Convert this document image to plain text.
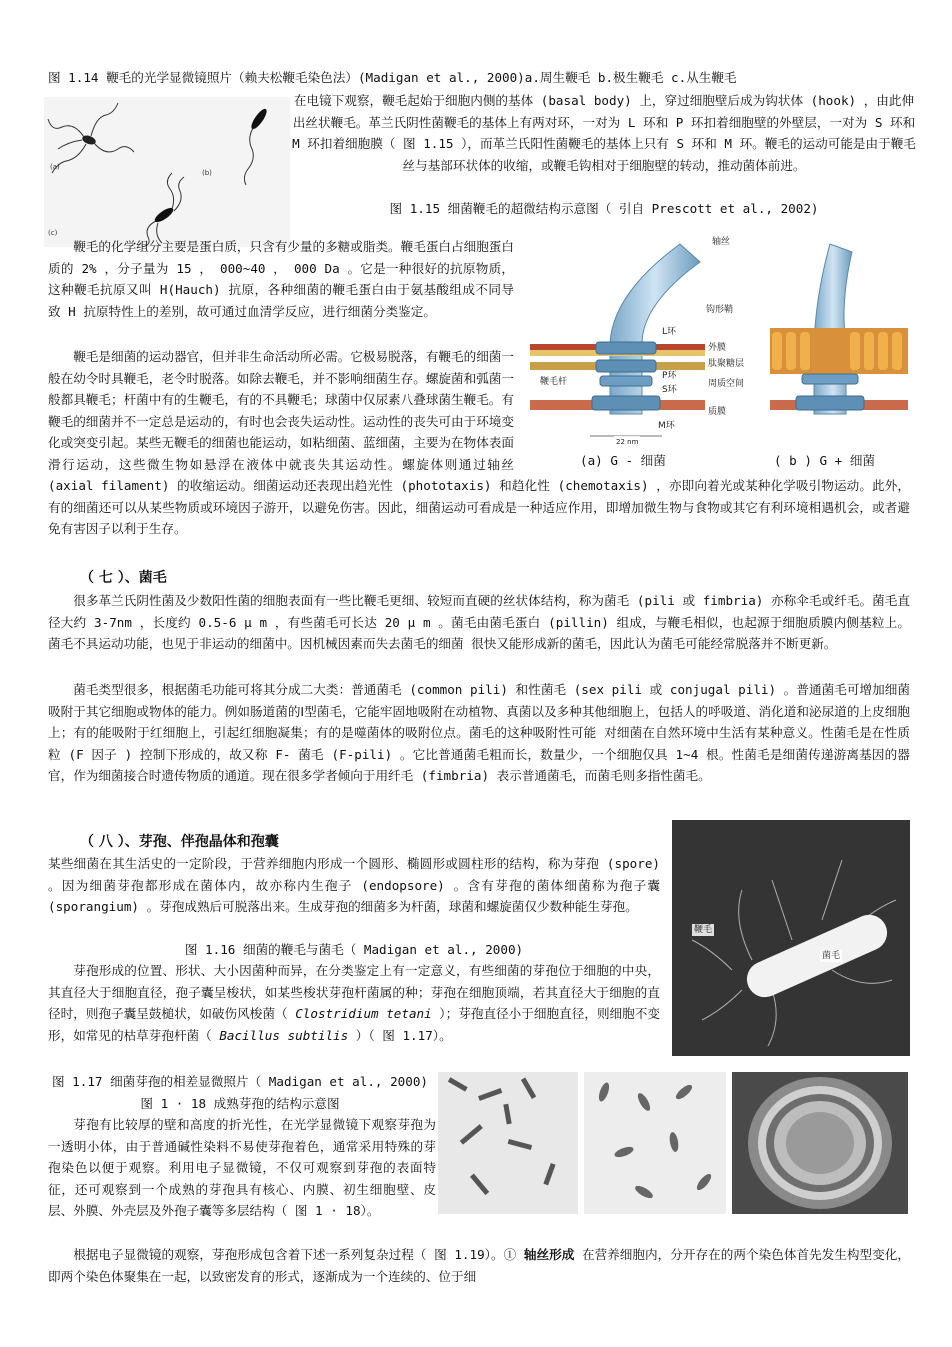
图 1.14 鞭毛的光学显微镜照片（赖夫松鞭毛染色法）(Madigan et al., 2000)a.周生鞭毛 b.极生鞭毛 c.从生鞭毛

(a)
(b)
(c)

在电镜下观察，鞭毛起始于细胞内侧的基体 (basal body) 上，穿过细胞壁后成为钩状体 (hook) ，由此伸出丝状鞭毛。革兰氏阴性菌鞭毛的基体上有两对环，一对为 L 环和 P 环扣着细胞壁的外壁层，一对为 S 环和 M 环扣着细胞膜（ 图 1.15 ），而革兰氏阳性菌鞭毛的基体上只有 S 环和 M 环。鞭毛的运动可能是由于鞭毛丝与基部环状体的收缩，或鞭毛钩相对于细胞壁的转动，推动菌体前进。

图 1.15 细菌鞭毛的超微结构示意图（ 引自 Prescott et al., 2002)

轴丝
钩形鞘
L环
外膜
肽聚糖层
鞭毛杆
P环
周质空间
S环
质膜
M环
22 nm
(a) G - 细菌	( b ) G + 细菌

鞭毛的化学组分主要是蛋白质，只含有少量的多糖或脂类。鞭毛蛋白占细胞蛋白质的 2% ，分子量为 15 ， 000~40 ， 000 Da 。它是一种很好的抗原物质，这种鞭毛抗原又叫 H(Hauch) 抗原，各种细菌的鞭毛蛋白由于氨基酸组成不同导致 H 抗原特性上的差别，故可通过血清学反应，进行细菌分类鉴定。

鞭毛是细菌的运动器官，但并非生命活动所必需。它极易脱落，有鞭毛的细菌一般在幼令时具鞭毛，老令时脱落。如除去鞭毛，并不影响细菌生存。螺旋菌和弧菌一般都具鞭毛；杆菌中有的生鞭毛，有的不具鞭毛；球菌中仅尿素八叠球菌生鞭毛。有鞭毛的细菌并不一定总是运动的，有时也会丧失运动性。运动性的丧失可由于环境变化或突变引起。某些无鞭毛的细菌也能运动，如粘细菌、蓝细菌，主要为在物体表面滑行运动，这些微生物如悬浮在液体中就丧失其运动性。螺旋体则通过轴丝 (axial filament) 的收缩运动。细菌运动还表现出趋光性 (phototaxis) 和趋化性 (chemotaxis) ，亦即向着光或某种化学吸引物运动。此外，有的细菌还可以从某些物质或环境因子游开，以避免伤害。因此，细菌运动可看成是一种适应作用，即增加微生物与食物或其它有利环境相遇机会，或者避免有害因子以利于生存。

（ 七 ）、菌毛

很多革兰氏阴性菌及少数阳性菌的细胞表面有一些比鞭毛更细、较短而直硬的丝状体结构，称为菌毛 (pili 或 fimbria) 亦称伞毛或纤毛。菌毛直径大约 3-7nm ，长度约 0.5-6 μ m ，有些菌毛可长达 20 μ m 。菌毛由菌毛蛋白 (pillin) 组成，与鞭毛相似，也起源于细胞质膜内侧基粒上。菌毛不具运动功能，也见于非运动的细菌中。因机械因素而失去菌毛的细菌 很快又能形成新的菌毛，因此认为菌毛可能经常脱落并不断更新。

菌毛类型很多，根据菌毛功能可将其分成二大类：普通菌毛 (common pili) 和性菌毛 (sex pili 或 conjugal pili) 。普通菌毛可增加细菌吸附于其它细胞或物体的能力。例如肠道菌的Ⅰ型菌毛，它能牢固地吸附在动植物、真菌以及多种其他细胞上，包括人的呼吸道、消化道和泌尿道的上皮细胞上；有的能吸附于红细胞上，引起红细胞凝集；有的是噬菌体的吸附位点。菌毛的这种吸附性可能 对细菌在自然环境中生活有某种意义。性菌毛是在性质粒 (F 因子 ) 控制下形成的，故又称 F- 菌毛 (F-pili) 。它比普通菌毛粗而长，数量少，一个细胞仅具 1~4 根。性菌毛是细菌传递游离基因的器官，作为细菌接合时遗传物质的通道。现在很多学者倾向于用纤毛 (fimbria) 表示普通菌毛，而菌毛则多指性菌毛。

（ 八 ）、芽孢、伴孢晶体和孢囊

鞭毛
菌毛

某些细菌在其生活史的一定阶段，于营养细胞内形成一个圆形、椭圆形或圆柱形的结构，称为芽孢 (spore) 。因为细菌芽孢都形成在菌体内，故亦称内生孢子 (endopsore) 。含有芽孢的菌体细菌称为孢子囊 (sporangium) 。芽孢成熟后可脱落出来。生成芽孢的细菌多为杆菌，球菌和螺旋菌仅少数种能生芽孢。

图 1.16 细菌的鞭毛与菌毛（ Madigan et al., 2000)

芽孢形成的位置、形状、大小因菌种而异，在分类鉴定上有一定意义，有些细菌的芽孢位于细胞的中央，其直径大于细胞直径，孢子囊呈梭状，如某些梭状芽孢杆菌属的种；芽孢在细胞顶端，若其直径大于细胞的直径时，则孢子囊呈鼓槌状，如破伤风梭菌（ Clostridium tetani ）；芽孢直径小于细胞直径，则细胞不变形，如常见的枯草芽孢杆菌（ Bacillus subtilis ）（ 图 1.17）。

图 1.17 细菌芽孢的相差显微照片（ Madigan et al., 2000) 图 1 · 18 成熟芽孢的结构示意图

芽孢有比较厚的壁和高度的折光性，在光学显微镜下观察芽孢为一透明小体，由于普通碱性染料不易使芽孢着色，通常采用特殊的芽孢染色以便于观察。利用电子显微镜，不仅可观察到芽孢的表面特征，还可观察到一个成熟的芽孢具有核心、内膜、初生细胞壁、皮层、外膜、外壳层及外孢子囊等多层结构（ 图 1 · 18）。

根据电子显微镜的观察，芽孢形成包含着下述一系列复杂过程（ 图 1.19）。① 轴丝形成 在营养细胞内，分开存在的两个染色体首先发生构型变化，即两个染色体聚集在一起，以致密发育的形式，逐渐成为一个连续的、位于细
